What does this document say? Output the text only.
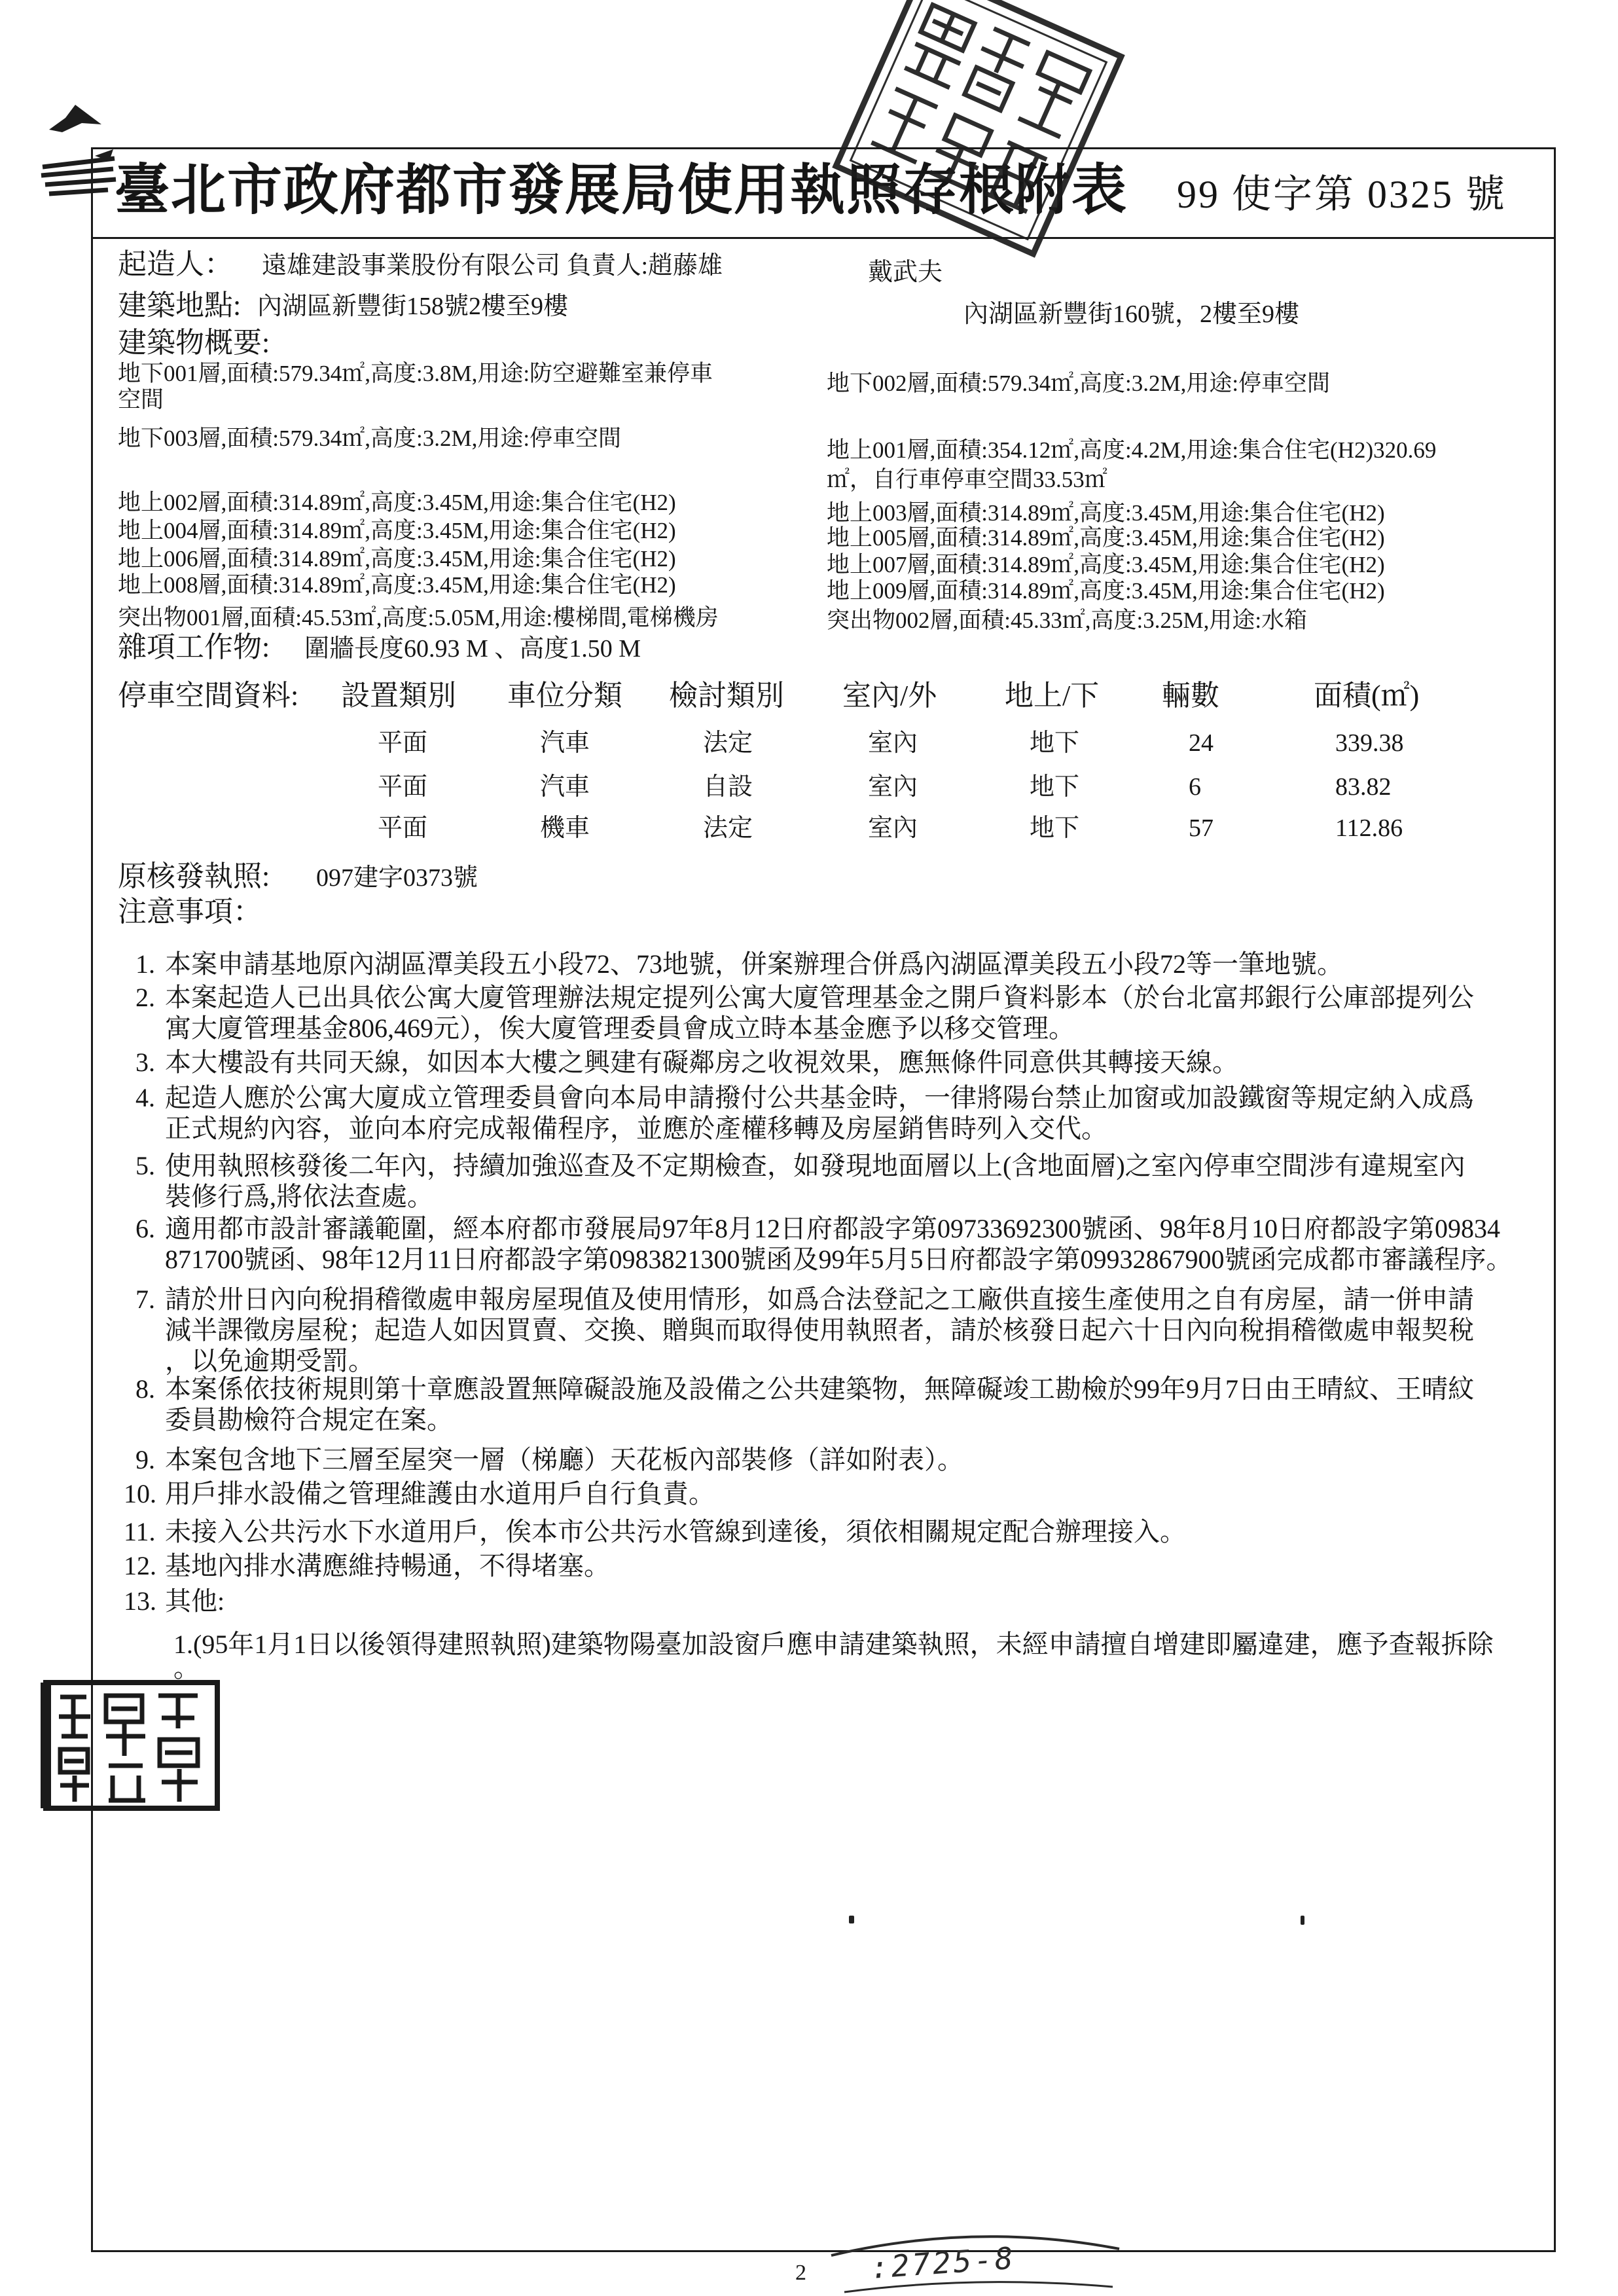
臺北市政府都市發展局使用執照存根附表 99 使字第 0325 號
起造人： 遠雄建設事業股份有限公司 負責人:趙藤雄	戴武夫
建築地點: 內湖區新豐街158號2樓至9樓	內湖區新豐街160號，2樓至9樓
建築物概要:
地下001層,面積:579.34㎡,高度:3.8M,用途:防空避難室兼停車
空間
地下003層,面積:579.34㎡,高度:3.2M,用途:停車空間
地上002層,面積:314.89㎡,高度:3.45M,用途:集合住宅(H2)
地上004層,面積:314.89㎡,高度:3.45M,用途:集合住宅(H2)
地上006層,面積:314.89㎡,高度:3.45M,用途:集合住宅(H2)
地上008層,面積:314.89㎡,高度:3.45M,用途:集合住宅(H2)
突出物001層,面積:45.53㎡,高度:5.05M,用途:樓梯間,電梯機房
地下002層,面積:579.34㎡,高度:3.2M,用途:停車空間
地上001層,面積:354.12㎡,高度:4.2M,用途:集合住宅(H2)320.69
㎡，自行車停車空間33.53㎡
地上003層,面積:314.89㎡,高度:3.45M,用途:集合住宅(H2)
地上005層,面積:314.89㎡,高度:3.45M,用途:集合住宅(H2)
地上007層,面積:314.89㎡,高度:3.45M,用途:集合住宅(H2)
地上009層,面積:314.89㎡,高度:3.45M,用途:集合住宅(H2)
突出物002層,面積:45.33㎡,高度:3.25M,用途:水箱
雜項工作物: 圍牆長度60.93 M 、高度1.50 M
停車空間資料: 設置類別 車位分類 檢討類別 室內/外 地上/下 輛數	面積(㎡)
平面	汽車	法定	室內	地下	24	339.38
平面	汽車	自設	室內	地下	6	83.82
平面	機車	法定	室內	地下	57	112.86
原核發執照: 097建字0373號
注意事項：
1. 本案申請基地原內湖區潭美段五小段72、73地號，併案辦理合併爲內湖區潭美段五小段72等一筆地號。
2. 本案起造人已出具依公寓大廈管理辦法規定提列公寓大廈管理基金之開戶資料影本（於台北富邦銀行公庫部提列公
寓大廈管理基金806,469元），俟大廈管理委員會成立時本基金應予以移交管理。
3. 本大樓設有共同天線，如因本大樓之興建有礙鄰房之收視效果，應無條件同意供其轉接天線。
4. 起造人應於公寓大廈成立管理委員會向本局申請撥付公共基金時，一律將陽台禁止加窗或加設鐵窗等規定納入成爲
正式規約內容，並向本府完成報備程序，並應於產權移轉及房屋銷售時列入交代。
5. 使用執照核發後二年內，持續加強巡查及不定期檢查，如發現地面層以上(含地面層)之室內停車空間涉有違規室內
裝修行爲,將依法查處。
6. 適用都市設計審議範圍，經本府都市發展局97年8月12日府都設字第09733692300號函、98年8月10日府都設字第09834
871700號函、98年12月11日府都設字第0983821300號函及99年5月5日府都設字第09932867900號函完成都市審議程序。
7. 請於卅日內向稅捐稽徵處申報房屋現值及使用情形，如爲合法登記之工廠供直接生產使用之自有房屋，請一併申請
減半課徵房屋稅；起造人如因買賣、交換、贈與而取得使用執照者，請於核發日起六十日內向稅捐稽徵處申報契稅
，以免逾期受罰。
8. 本案係依技術規則第十章應設置無障礙設施及設備之公共建築物，無障礙竣工勘檢於99年9月7日由王晴紋、王晴紋
委員勘檢符合規定在案。
9. 本案包含地下三層至屋突一層（梯廳）天花板內部裝修（詳如附表）。
10. 用戶排水設備之管理維護由水道用戶自行負責。
11. 未接入公共污水下水道用戶，俟本市公共污水管線到達後，須依相關規定配合辦理接入。
12. 基地內排水溝應維持暢通，不得堵塞。
13. 其他:
1.(95年1月1日以後領得建照執照)建築物陽臺加設窗戶應申請建築執照，未經申請擅自增建即屬違建，應予查報拆除
。
2 :2725-8
